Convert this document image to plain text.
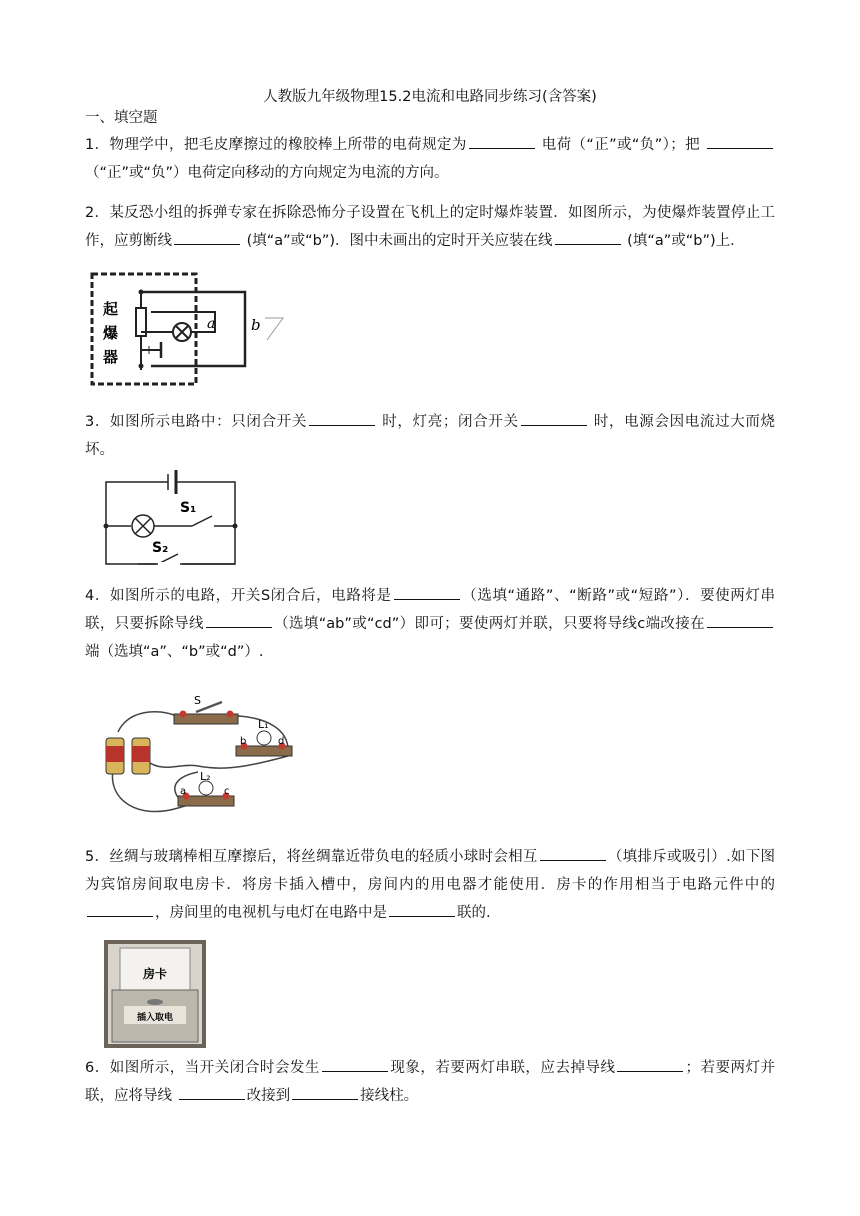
人教版九年级物理15.2电流和电路同步练习(含答案)
一、填空题
1．物理学中，把毛皮摩擦过的橡胶棒上所带的电荷规定为	电荷（“正”或“负”）；把 （“正”或“负”）电荷定向移动的方向规定为电流的方向。
2．某反恐小组的拆弹专家在拆除恐怖分子设置在飞机上的定时爆炸装置．如图所示，为使爆炸装置停止工作，应剪断线	(填“a”或“b”)．图中未画出的定时开关应装在线	(填“a”或“b”)上．
起
爆
器
a b
3．如图所示电路中：只闭合开关	时，灯亮；闭合开关	时，电源会因电流过大而烧坏。
S₁
S₂
4．如图所示的电路，开关S闭合后，电路将是	（选填“通路”、“断路”或“短路”）．要使两灯串联，只要拆除导线	（选填“ab”或“cd”）即可；要使两灯并联，只要将导线c端改接在端（选填“a”、“b”或“d”）.
S
L₁
L₂
b	d
a	c
5．丝绸与玻璃棒相互摩擦后，将丝绸靠近带负电的轻质小球时会相互	（填排斥或吸引）.如下图为宾馆房间取电房卡．将房卡插入槽中，房间内的用电器才能使用．房卡的作用相当于电路元件中的，房间里的电视机与电灯在电路中是	联的.
房卡
插入取电
6．如图所示，当开关闭合时会发生	现象，若要两灯串联，应去掉导线	；若要两灯并联，应将导线	改接到	接线柱。
